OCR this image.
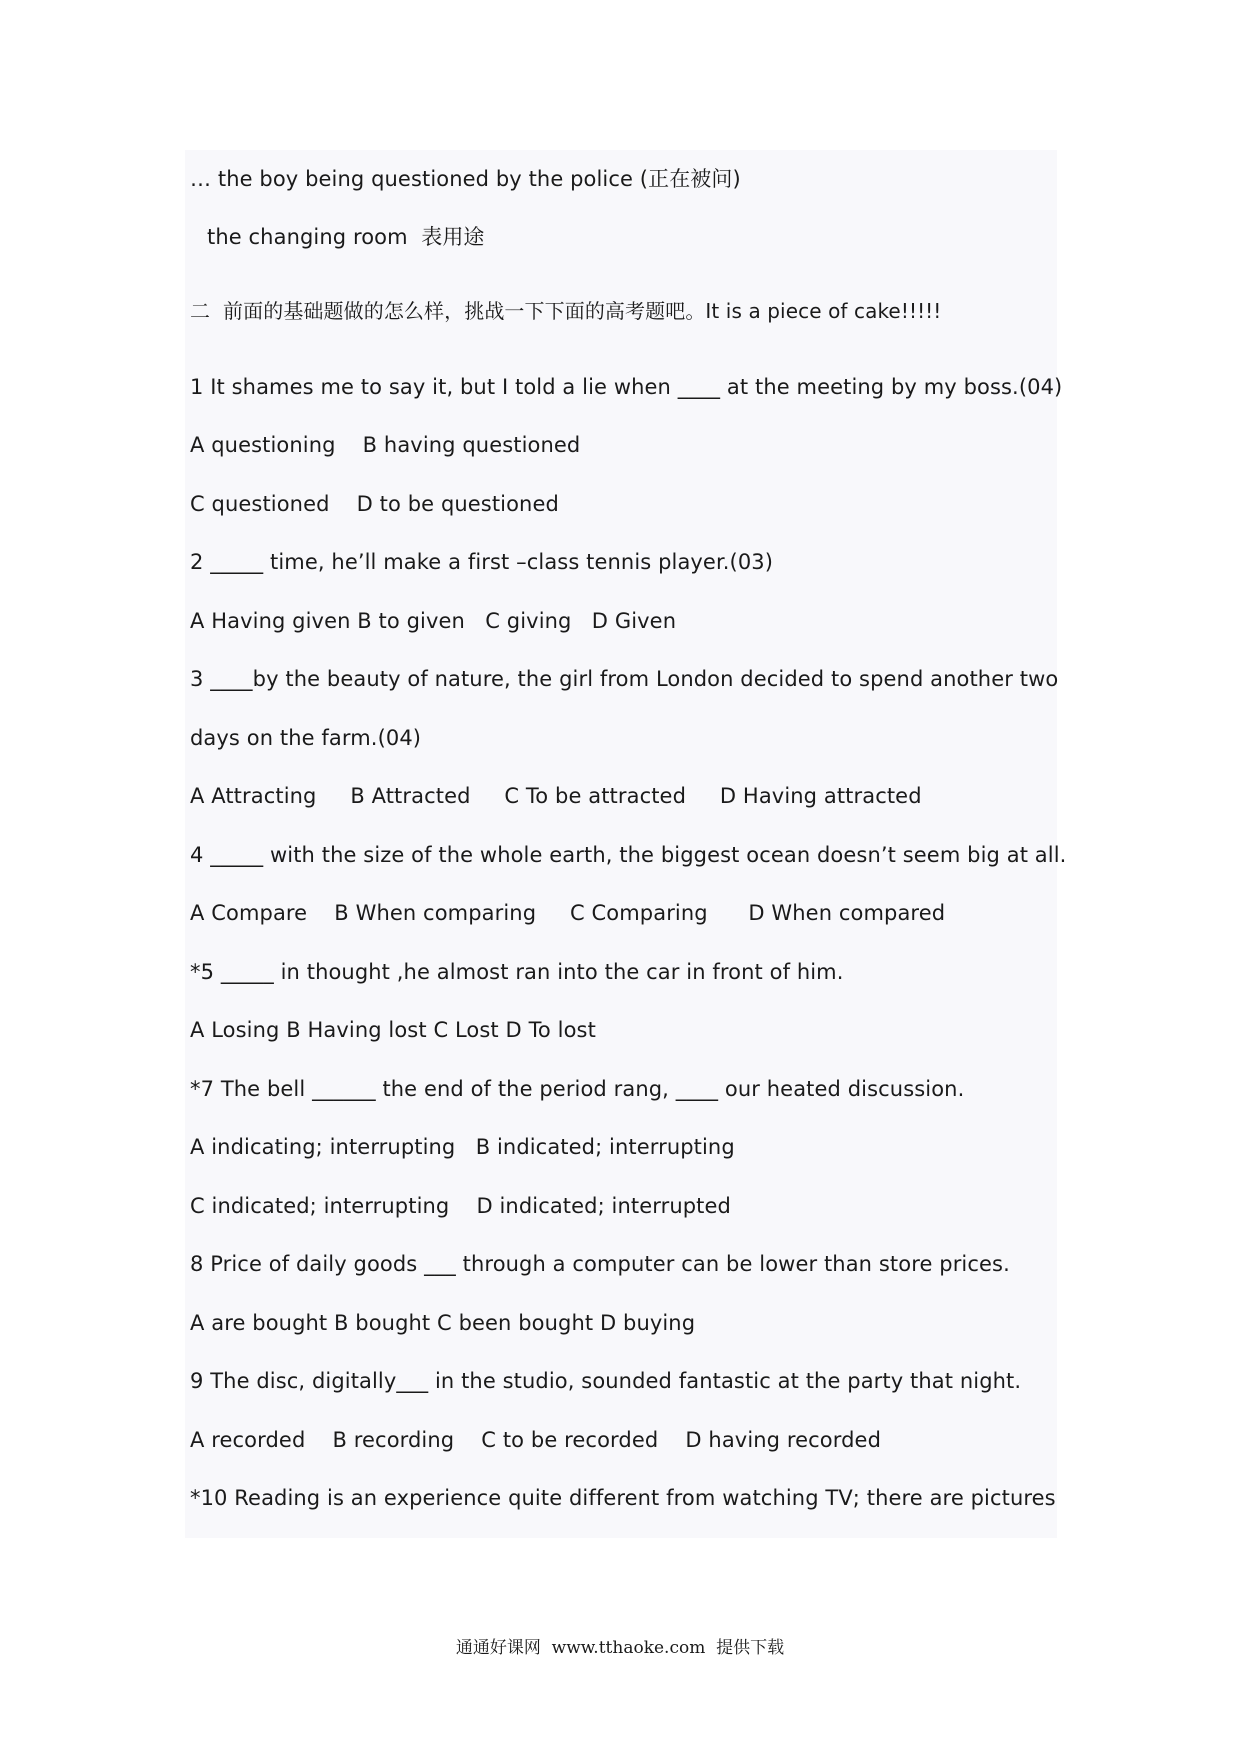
… the boy being questioned by the police (正在被问)
the changing room  表用途
二  前面的基础题做的怎么样，挑战一下下面的高考题吧。It is a piece of cake!!!!!
1 It shames me to say it, but I told a lie when ____ at the meeting by my boss.(04)
A questioning    B having questioned
C questioned    D to be questioned
2 _____ time, he’ll make a first –class tennis player.(03)
A Having given B to given   C giving   D Given
3 ____by the beauty of nature, the girl from London decided to spend another two
days on the farm.(04)
A Attracting     B Attracted     C To be attracted     D Having attracted
4 _____ with the size of the whole earth, the biggest ocean doesn’t seem big at all.
A Compare    B When comparing     C Comparing      D When compared
*5 _____ in thought ,he almost ran into the car in front of him.
A Losing B Having lost C Lost D To lost
*7 The bell ______ the end of the period rang, ____ our heated discussion.
A indicating; interrupting   B indicated; interrupting
C indicated; interrupting    D indicated; interrupted
8 Price of daily goods ___ through a computer can be lower than store prices.
A are bought B bought C been bought D buying
9 The disc, digitally___ in the studio, sounded fantastic at the party that night.
A recorded    B recording    C to be recorded    D having recorded
*10 Reading is an experience quite different from watching TV; there are pictures
通通好课网  www.tthaoke.com  提供下载
